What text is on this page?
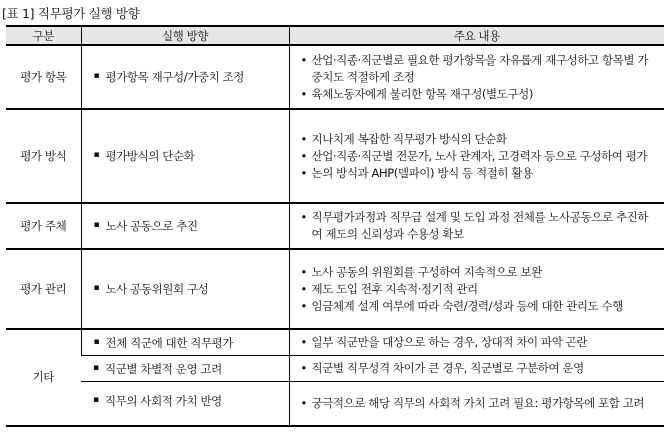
[표 1] 직무평가 실행 방향
구분	실행 방향	주요 내용
평가 항목	▪ 평가항목 재구성/가중치 조정	• 산업·직종·직군별로 필요한 평가항목을 자유롭게 재구성하고 항목별 가중치도 적절하게 조정
• 육체노동자에게 불리한 항목 재구성(별도구성)

평가 방식	▪ 평가방식의 단순화	• 지나치게 복잡한 직무평가 방식의 단순화
• 산업·직종·직군별 전문가, 노사 관계자, 고경력자 등으로 구성하여 평가
• 논의 방식과 AHP(델파이) 방식 등 적절히 활용

평가 주체	▪ 노사 공동으로 추진	• 직무평가과정과 직무급 설계 및 도입 과정 전체를 노사공동으로 추진하여 제도의 신뢰성과 수용성 확보

평가 관리	▪ 노사 공동위원회 구성	• 노사 공동의 위원회를 구성하여 지속적으로 보완
• 제도 도입 전후 지속적·정기적 관리
• 임금체계 설계 여부에 따라 숙련/경력/성과 등에 대한 관리도 수행

기타	▪ 전체 직군에 대한 직무평가	• 일부 직군만을 대상으로 하는 경우, 상대적 차이 파악 곤란

	▪ 직군별 차별적 운영 고려	• 직군별 직무성격 차이가 큰 경우, 직군별로 구분하여 운영

	▪ 직무의 사회적 가치 반영	• 궁극적으로 해당 직무의 사회적 가치 고려 필요: 평가항목에 포함 고려
